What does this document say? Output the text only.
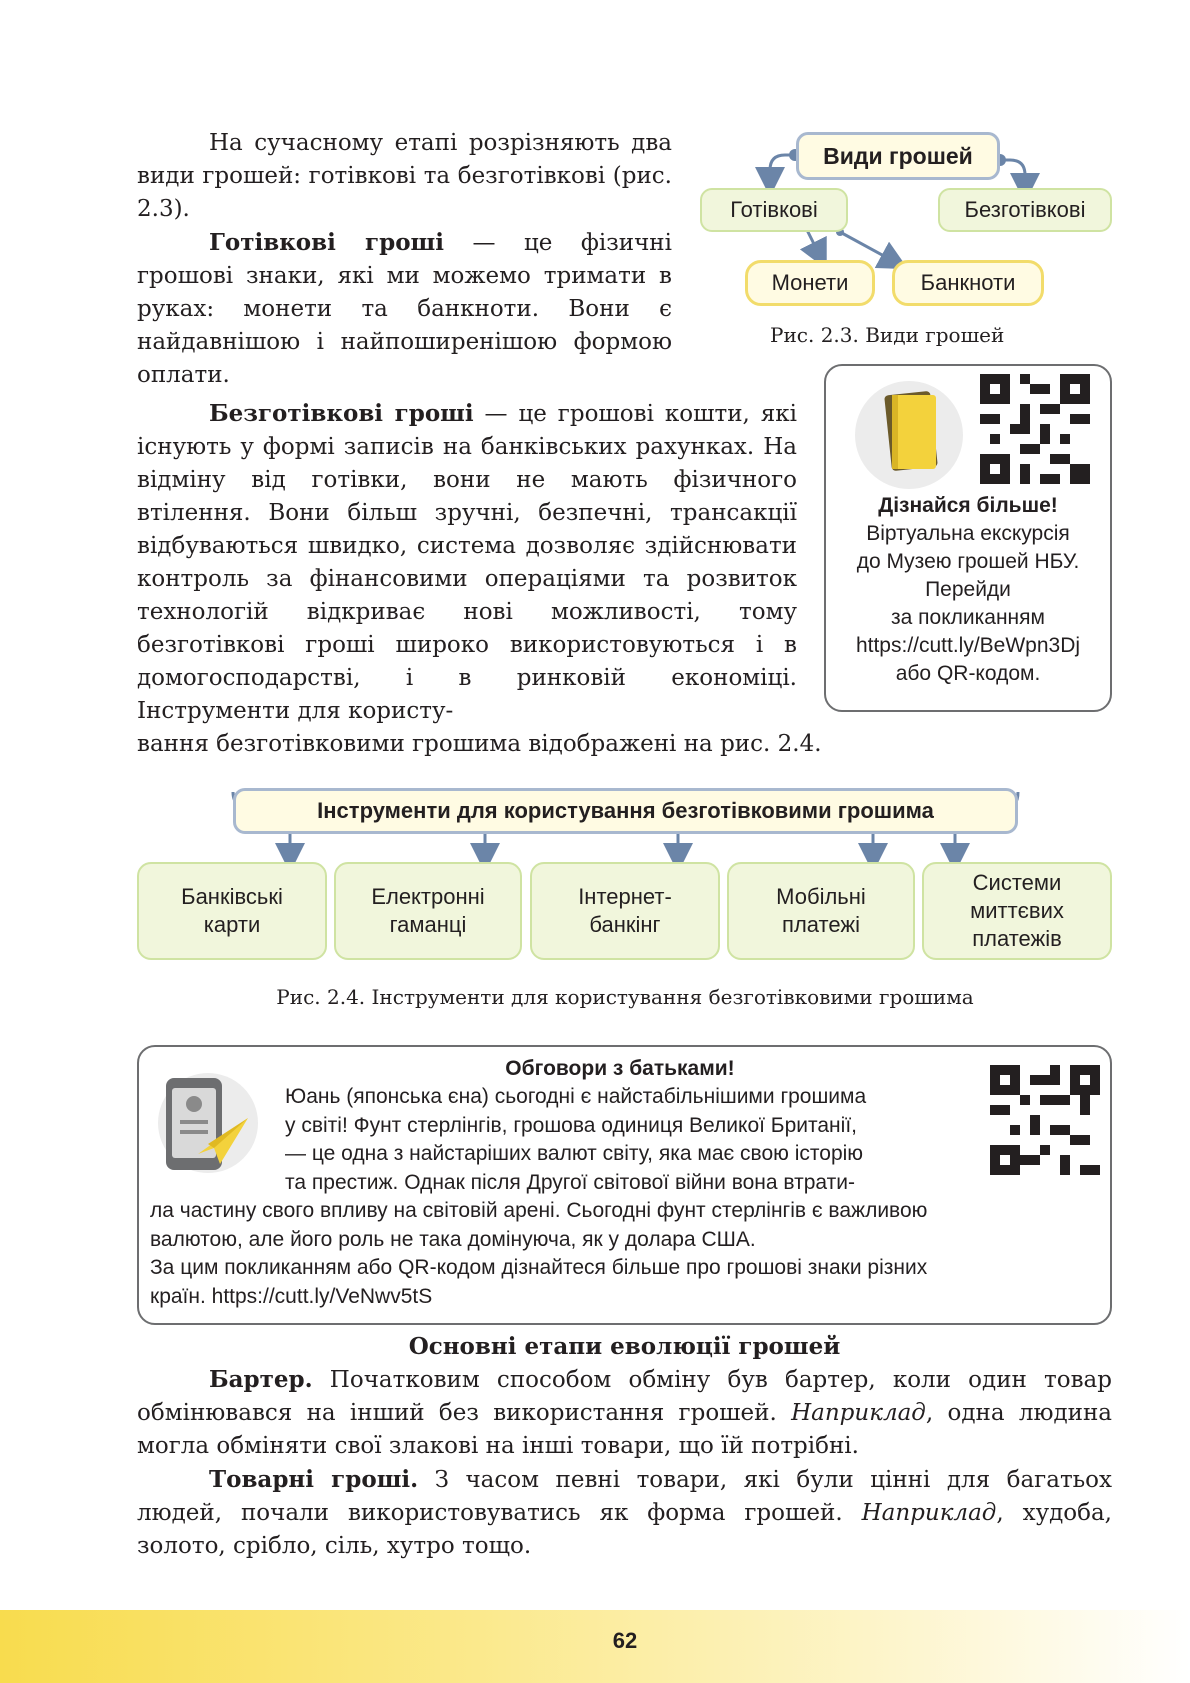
На сучасному етапі розрізняють два види грошей: готівкові та безготівкові (рис. 2.3).

Готівкові гроші — це фізичні грошові знаки, які ми можемо тримати в руках: монети та банкноти. Вони є найдавнішою і найпоширенішою формою оплати.

Безготівкові гроші — це грошові кошти, які існують у формі записів на банківських рахунках. На відміну від готівки, вони не мають фізичного втілення. Вони більш зручні, безпечні, трансакції відбуваються швидко, система дозволяє здійснювати контроль за фінансовими операціями та розвиток технологій відкриває нові можливості, тому безготівкові гроші широко використовуються і в домогосподарстві, і в ринковій економіці. Інструменти для користу-

вання безготівковими грошима відображені на рис. 2.4.

Види грошей
Готівкові	Безготівкові
Монети	Банкноти
Рис. 2.3. Види грошей
Дізнайся більше!
Віртуальна екскурсія
до Музею грошей НБУ.
Перейди
за покликанням
https://cutt.ly/BeWpn3Dj
або QR-кодом.
Інструменти для користування безготівковими грошима
Банківські
карти
Електронні
гаманці
Інтернет-
банкінг
Мобільні
платежі
Системи
миттєвих
платежів
Рис. 2.4. Інструменти для користування безготівковими грошима
Обговори з батьками!
Юань (японська єна) сьогодні є найстабільнішими грошима
у світі! Фунт стерлінгів, грошова одиниця Великої Британії,
— це одна з найстаріших валют світу, яка має свою історію
та престиж. Однак після Другої світової війни вона втрати-
ла частину свого впливу на світовій арені. Сьогодні фунт стерлінгів є важливою
валютою, але його роль не така домінуюча, як у долара США.
За цим покликанням або QR-кодом дізнайтеся більше про грошові знаки різних
країн. https://cutt.ly/VeNwv5tS

Основні етапи еволюції грошей

Бартер. Початковим способом обміну був бартер, коли один товар обмінювався на інший без використання грошей. Наприклад, одна людина могла обміняти свої злакові на інші товари, що їй потрібні.

Товарні гроші. З часом певні товари, які були цінні для багатьох людей, почали використовуватись як форма грошей. Наприклад, худоба, золото, срібло, сіль, хутро тощо.

62
